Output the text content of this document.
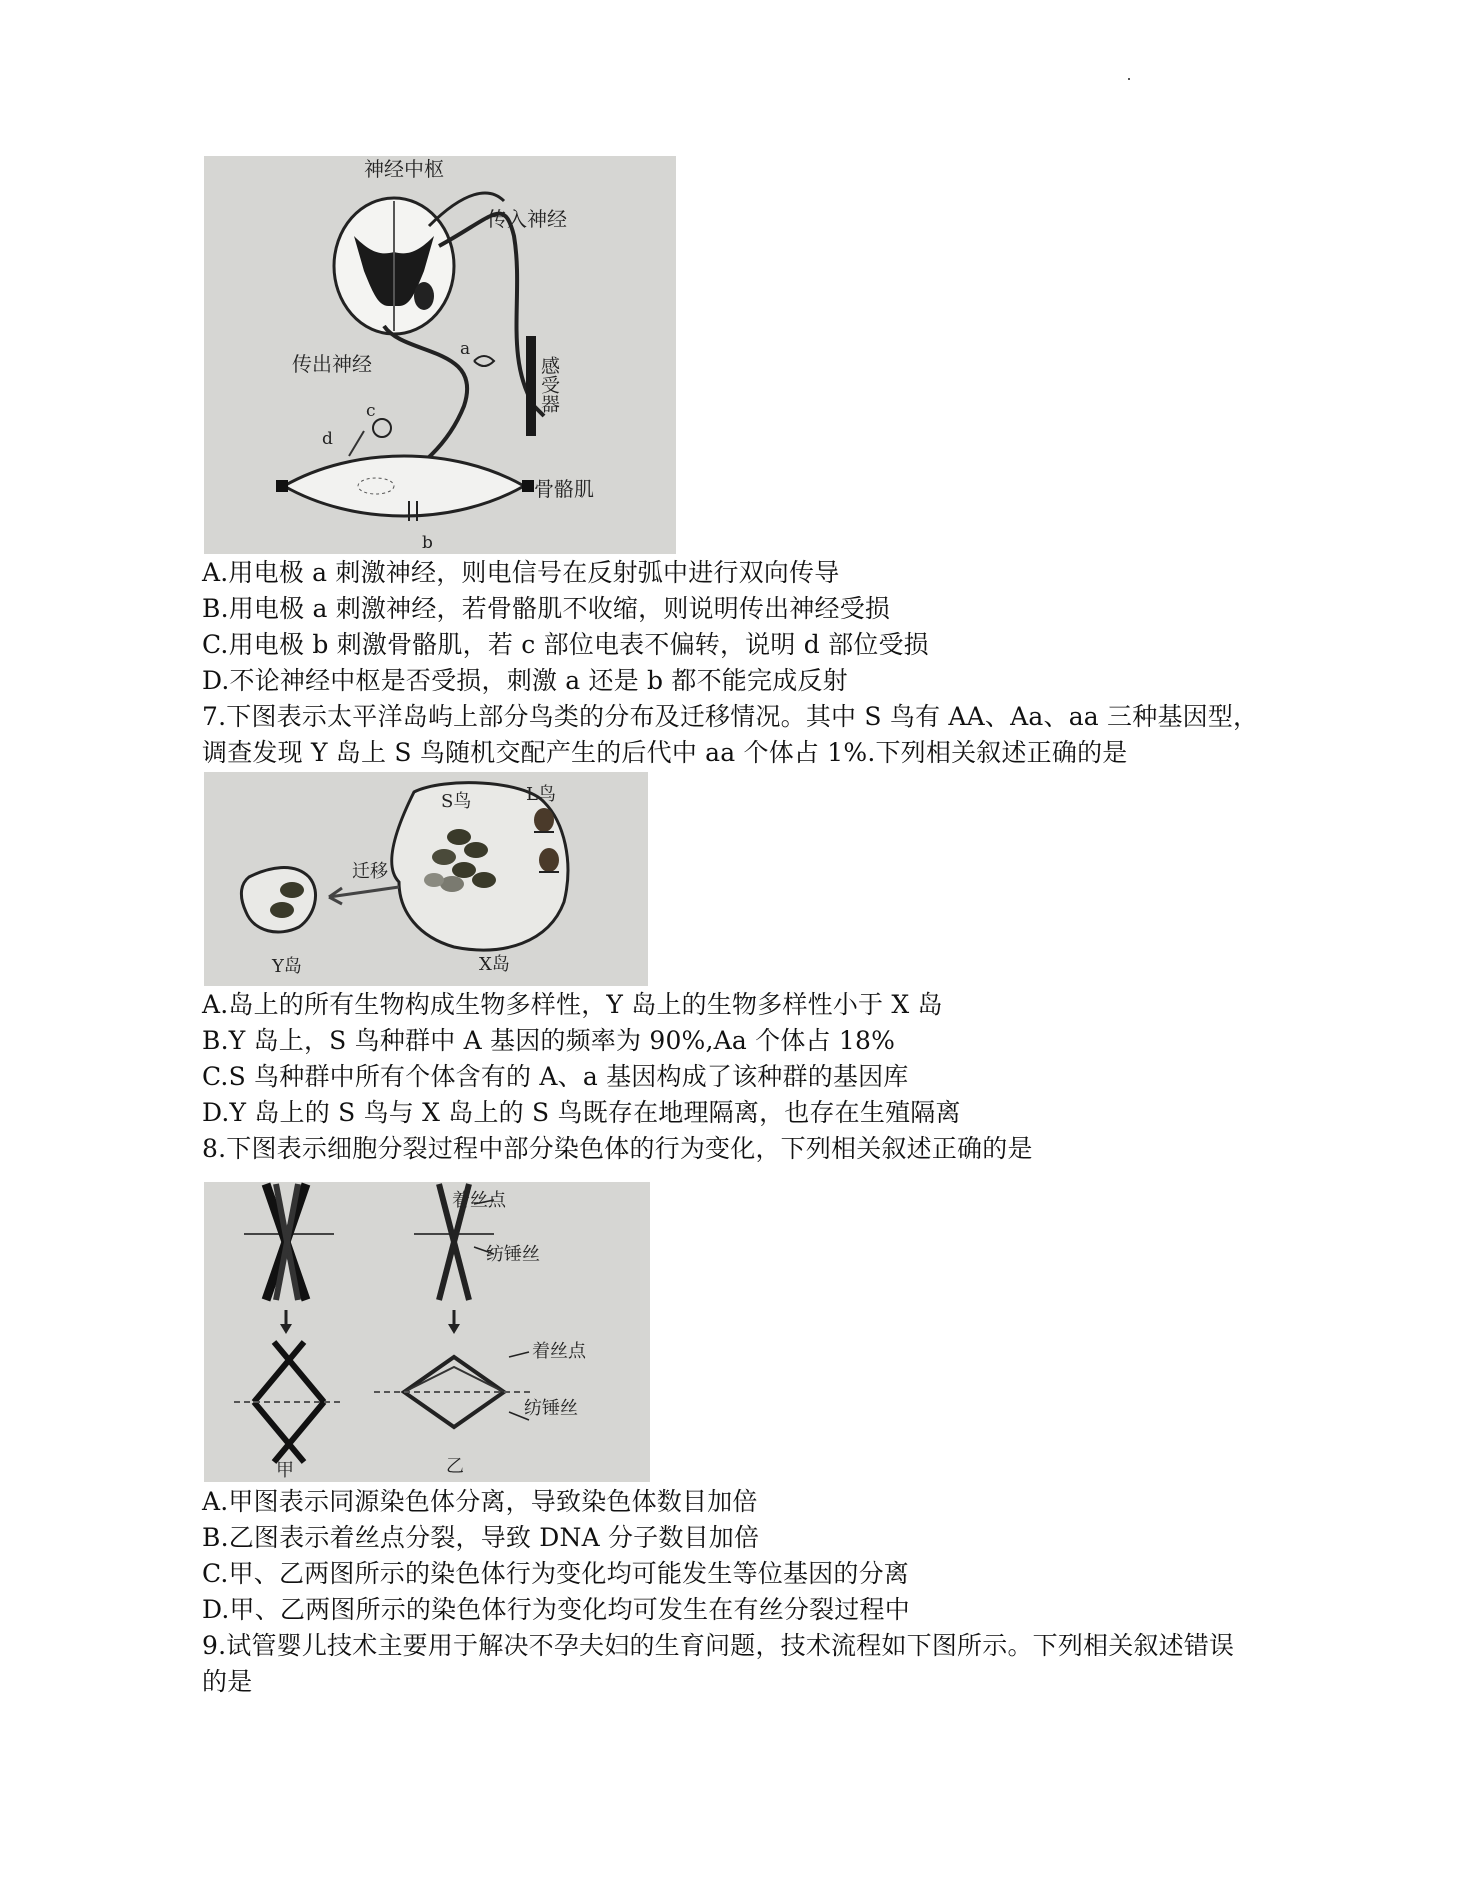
神经中枢
传入神经
传出神经
a
c
d
b
骨骼肌
感受器
A.用电极 a 刺激神经，则电信号在反射弧中进行双向传导
B.用电极 a 刺激神经，若骨骼肌不收缩，则说明传出神经受损
C.用电极 b 刺激骨骼肌，若 c 部位电表不偏转，说明 d 部位受损
D.不论神经中枢是否受损，刺激 a 还是 b 都不能完成反射
7.下图表示太平洋岛屿上部分鸟类的分布及迁移情况。其中 S 鸟有 AA、Aa、aa 三种基因型，
调查发现 Y 岛上 S 鸟随机交配产生的后代中 aa 个体占 1%.下列相关叙述正确的是
S鸟	L鸟
迁移
Y岛	X岛
A.岛上的所有生物构成生物多样性，Y 岛上的生物多样性小于 X 岛
B.Y 岛上，S 鸟种群中 A 基因的频率为 90%,Aa 个体占 18%
C.S 鸟种群中所有个体含有的 A、a 基因构成了该种群的基因库
D.Y 岛上的 S 鸟与 X 岛上的 S 鸟既存在地理隔离，也存在生殖隔离
8.下图表示细胞分裂过程中部分染色体的行为变化，下列相关叙述正确的是
着丝点
纺锤丝
着丝点
纺锤丝
甲	乙
A.甲图表示同源染色体分离，导致染色体数目加倍
B.乙图表示着丝点分裂，导致 DNA 分子数目加倍
C.甲、乙两图所示的染色体行为变化均可能发生等位基因的分离
D.甲、乙两图所示的染色体行为变化均可发生在有丝分裂过程中
9.试管婴儿技术主要用于解决不孕夫妇的生育问题，技术流程如下图所示。下列相关叙述错误
的是
